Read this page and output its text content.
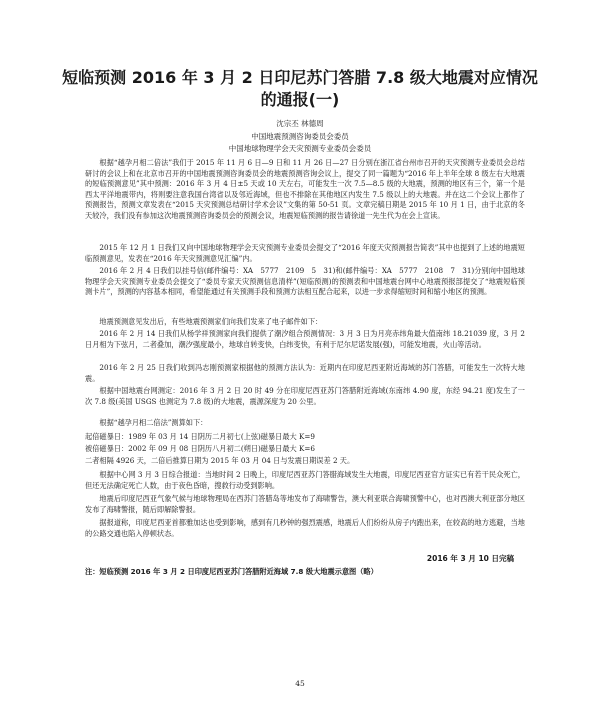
短临预测 2016 年 3 月 2 日印尼苏门答腊 7.8 级大地震对应情况
的通报(一)

沈宗丕 林德周

中国地震预测咨询委员会委员

中国地球物理学会天灾预测专业委员会委员

根据“越孕月相二倍法”我们于 2015 年 11 月 6 日—9 日和 11 月 26 日—27 日分别在浙江省台州市召开的天灾预测专业委员会总结研讨的会议上和在北京市召开的中国地震预测咨询委员会的地震预测咨询会议上，提交了同一篇题为“2016 年上半年全球 8 级左右大地震的短临预测意见”其中预测：2016 年 3 月 4 日±5 天或 10 天左右，可能发生一次 7.5—8.5 级的大地震，预测的地区有三个，第一个是西太平洋地震带内，将则要注意我国台湾省以及邻近海域，但也不排除在其他地区内发生 7.5 级以上的大地震。并在这二个会议上都作了预测报告，预测文章发表在“2015 天灾预测总结研讨学术会议”文集的第 50-51 页。文章完稿日期是 2015 年 10 月 1 日，由于北京的冬天较冷，我们没有参加这次地震预测咨询委员会的预测会议，地震短临预测的报告请徐道一先生代为在会上宣读。

2015 年 12 月 1 日我们又向中国地球物理学会天灾预测专业委员会提交了“2016 年度天灾预测报告简表”其中也提到了上述的地震短临预测意见，发表在“2016 年天灾预测意见汇编”内。

2016 年 2 月 4 日我们以挂号信(邮件编号：XA　5777　2109　5　31)和(邮件编号：XA　5777　2108　7　31)分别向中国地球物理学会天灾预测专业委员会提交了“委员专家天灾预测信息清样”(短临预测)的预测表和中国地震台网中心地震预报部提交了“地震短临预测卡片”，预测的内容基本相同，希望能通过有关预测手段和预测方法相互配合起来，以进一步求得缩短时间和缩小地区的预测。

地震预测意见发出后，有些地震预测家们向我们发来了电子邮件如下：

2016 年 2 月 14 日我们从杨学祥预测家向我们提供了潮汐组合预测情况：3 月 3 日为月亮赤纬角最大值南纬 18.21039 度，3 月 2 日月相为下弦月，二者叠加，潮汐强度最小，地球自转变快，白纬变快，有利于尼尔尼诺发展(强)，可能发地震，火山等活动。

2016 年 2 月 25 日我们收到冯志刚预测家根据他的预测方法认为：近期内在印度尼西亚附近海域的苏门答腊，可能发生一次特大地震。

根据中国地震台网测定：2016 年 3 月 2 日 20 时 49 分在印度尼西亚苏门答腊附近海域(东南纬 4.90 度，东经 94.21 度)发生了一次 7.8 级(美国 USGS 也测定为 7.8 级)的大地震，震源深度为 20 公里。

根据“越孕月相二倍法”测算如下：

起倍磁暴日：1989 年 03 月 14 日阴历二月初七(上弦)磁暴日最大 K=9

被倍磁暴日：2002 年 09 月 08 日阴历八月初二(朔日)磁暴日最大 K=6

二者相隔 4926 天，二倍后推算日期为 2015 年 03 月 04 日与发震日期误差 2 天。

根据中心网 3 月 3 日综合报道：当地时间 2 日晚上，印度尼西亚苏门答腊海域发生大地震，印度尼西亚官方证实已有若干民众死亡，但还无法确定死亡人数，由于夜色昏暗，搜救行动受到影响。

地震后印度尼西亚气象气候与地球物理局在西苏门答腊岛等地发布了海啸警告，澳大利亚联合海啸预警中心，也对西澳大利亚部分地区发布了海啸警报，随后即解除警报。

据报道称，印度尼西亚首都雅加达也受到影响，感到有几秒钟的强烈震感，地震后人们纷纷从房子内跑出来，在较高的地方逃避，当地的公路交通也陷入停顿状态。

2016 年 3 月 10 日完稿

注：短临预测 2016 年 3 月 2 日印度尼西亚苏门答腊附近海域 7.8 级大地震示意图（略）

45
